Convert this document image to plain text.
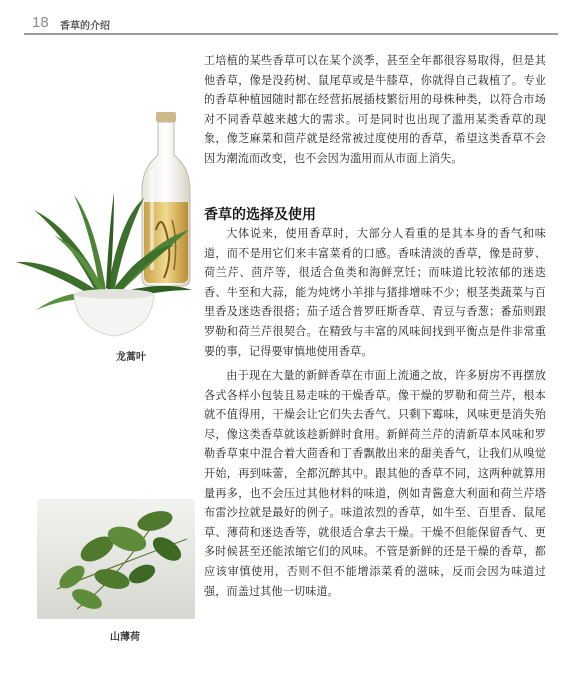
18 香草的介绍
工培植的某些香草可以在某个淡季，甚至全年都很容易取得，但是其他香草，像是没药树、鼠尾草或是牛膝草，你就得自己栽植了。专业的香草种植园随时都在经营拓展插枝繁衍用的母株种类，以符合市场对不同香草越来越大的需求。可是同时也出现了滥用某类香草的现象，像芝麻菜和茴芹就是经常被过度使用的香草，希望这类香草不会因为潮流而改变，也不会因为滥用而从市面上消失。
香草的选择及使用
大体说来，使用香草时，大部分人看重的是其本身的香气和味道，而不是用它们来丰富菜肴的口感。香味清淡的香草，像是莳萝、荷兰芹、茴芹等，很适合鱼类和海鲜烹饪；而味道比较浓郁的迷迭香、牛至和大蒜，能为炖烤小羊排与猪排增味不少；根茎类蔬菜与百里香及迷迭香很搭；茄子适合普罗旺斯香草、青豆与香葱；番茄则跟罗勒和荷兰芹很契合。在精致与丰富的风味间找到平衡点是件非常重要的事，记得要审慎地使用香草。
由于现在大量的新鲜香草在市面上流通之故，许多厨房不再摆放各式各样小包装且易走味的干燥香草。像干燥的罗勒和荷兰芹，根本就不值得用，干燥会让它们失去香气、只剩下霉味，风味更是消失殆尽，像这类香草就该趁新鲜时食用。新鲜荷兰芹的清新草本风味和罗勒香草束中混合着大茴香和丁香飘散出来的甜美香气，让我们从嗅觉开始，再到味蕾，全都沉醉其中。跟其他的香草不同，这两种就算用量再多，也不会压过其他材料的味道，例如青酱意大利面和荷兰芹塔布雷沙拉就是最好的例子。味道浓烈的香草，如牛至、百里香、鼠尾草、薄荷和迷迭香等，就很适合拿去干燥。干燥不但能保留香气、更多时候甚至还能浓缩它们的风味。不管是新鲜的还是干燥的香草，都应该审慎使用，否则不但不能增添菜肴的滋味，反而会因为味道过强，而盖过其他一切味道。
龙蒿叶
山薄荷
